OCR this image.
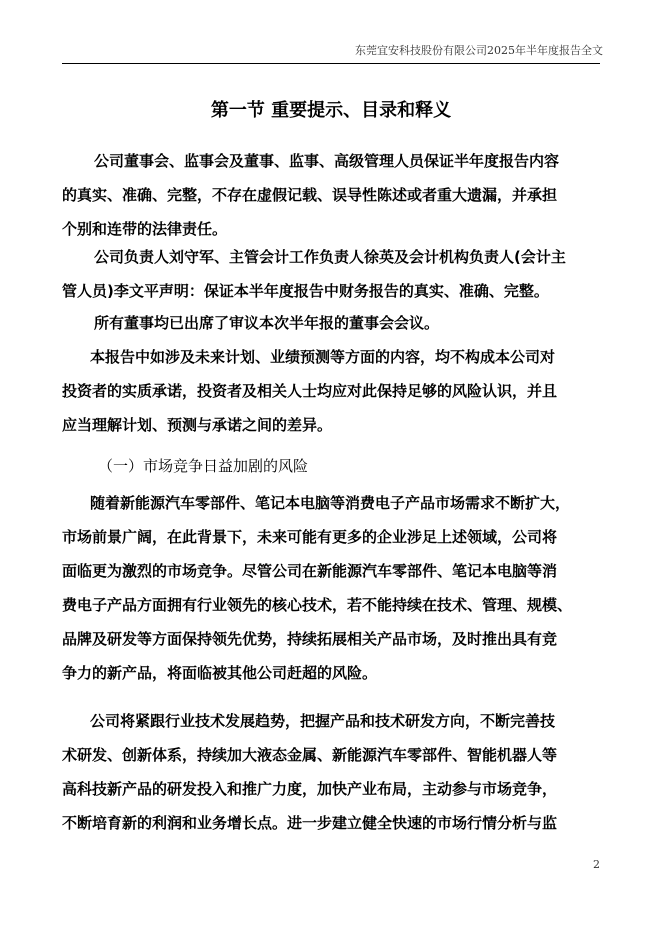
东莞宜安科技股份有限公司2025年半年度报告全文
第一节 重要提示、目录和释义
公司董事会、监事会及董事、监事、高级管理人员保证半年度报告内容
的真实、准确、完整，不存在虚假记载、误导性陈述或者重大遗漏，并承担
个别和连带的法律责任。
公司负责人刘守军、主管会计工作负责人徐英及会计机构负责人(会计主
管人员)李文平声明：保证本半年度报告中财务报告的真实、准确、完整。
所有董事均已出席了审议本次半年报的董事会会议。
本报告中如涉及未来计划、业绩预测等方面的内容，均不构成本公司对
投资者的实质承诺，投资者及相关人士均应对此保持足够的风险认识，并且
应当理解计划、预测与承诺之间的差异。
（一）市场竞争日益加剧的风险
随着新能源汽车零部件、笔记本电脑等消费电子产品市场需求不断扩大，
市场前景广阔，在此背景下，未来可能有更多的企业涉足上述领域，公司将
面临更为激烈的市场竞争。尽管公司在新能源汽车零部件、笔记本电脑等消
费电子产品方面拥有行业领先的核心技术，若不能持续在技术、管理、规模、
品牌及研发等方面保持领先优势，持续拓展相关产品市场，及时推出具有竞
争力的新产品，将面临被其他公司赶超的风险。
公司将紧跟行业技术发展趋势，把握产品和技术研发方向，不断完善技
术研发、创新体系，持续加大液态金属、新能源汽车零部件、智能机器人等
高科技新产品的研发投入和推广力度，加快产业布局，主动参与市场竞争，
不断培育新的利润和业务增长点。进一步建立健全快速的市场行情分析与监
2
